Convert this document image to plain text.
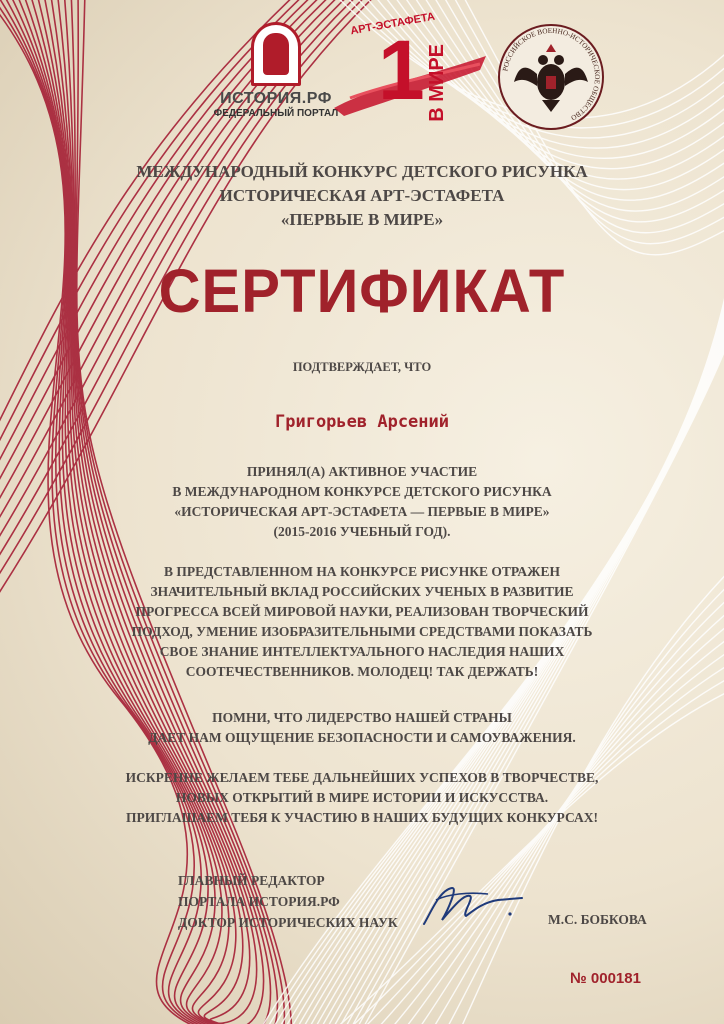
ИСТОРИЯ.РФ
ФЕДЕРАЛЬНЫЙ ПОРТАЛ
АРТ-ЭСТАФЕТА
1 В МИРЕ	РОССИЙСКОЕ ВОЕННО-ИСТОРИЧЕСКОЕ ОБЩЕСТВО
МЕЖДУНАРОДНЫЙ КОНКУРС ДЕТСКОГО РИСУНКА
ИСТОРИЧЕСКАЯ АРТ-ЭСТАФЕТА
«ПЕРВЫЕ В МИРЕ»
СЕРТИФИКАТ
ПОДТВЕРЖДАЕТ, ЧТО
Григорьев Арсений
ПРИНЯЛ(А) АКТИВНОЕ УЧАСТИЕ
В МЕЖДУНАРОДНОМ КОНКУРСЕ ДЕТСКОГО РИСУНКА
«ИСТОРИЧЕСКАЯ АРТ-ЭСТАФЕТА — ПЕРВЫЕ В МИРЕ»
(2015-2016 УЧЕБНЫЙ ГОД).
В ПРЕДСТАВЛЕННОМ НА КОНКУРСЕ РИСУНКЕ ОТРАЖЕН
ЗНАЧИТЕЛЬНЫЙ ВКЛАД РОССИЙСКИХ УЧЕНЫХ В РАЗВИТИЕ
ПРОГРЕССА ВСЕЙ МИРОВОЙ НАУКИ, РЕАЛИЗОВАН ТВОРЧЕСКИЙ
ПОДХОД, УМЕНИЕ ИЗОБРАЗИТЕЛЬНЫМИ СРЕДСТВАМИ ПОКАЗАТЬ
СВОЕ ЗНАНИЕ ИНТЕЛЛЕКТУАЛЬНОГО НАСЛЕДИЯ НАШИХ
СООТЕЧЕСТВЕННИКОВ. МОЛОДЕЦ! ТАК ДЕРЖАТЬ!
ПОМНИ, ЧТО ЛИДЕРСТВО НАШЕЙ СТРАНЫ
ДАЕТ НАМ ОЩУЩЕНИЕ БЕЗОПАСНОСТИ И САМОУВАЖЕНИЯ.
ИСКРЕННЕ ЖЕЛАЕМ ТЕБЕ ДАЛЬНЕЙШИХ УСПЕХОВ В ТВОРЧЕСТВЕ,
НОВЫХ ОТКРЫТИЙ В МИРЕ ИСТОРИИ И ИСКУССТВА.
ПРИГЛАШАЕМ ТЕБЯ К УЧАСТИЮ В НАШИХ БУДУЩИХ КОНКУРСАХ!
ГЛАВНЫЙ РЕДАКТОР
ПОРТАЛА ИСТОРИЯ.РФ
ДОКТОР ИСТОРИЧЕСКИХ НАУК	М.С. БОБКОВА
№ 000181
